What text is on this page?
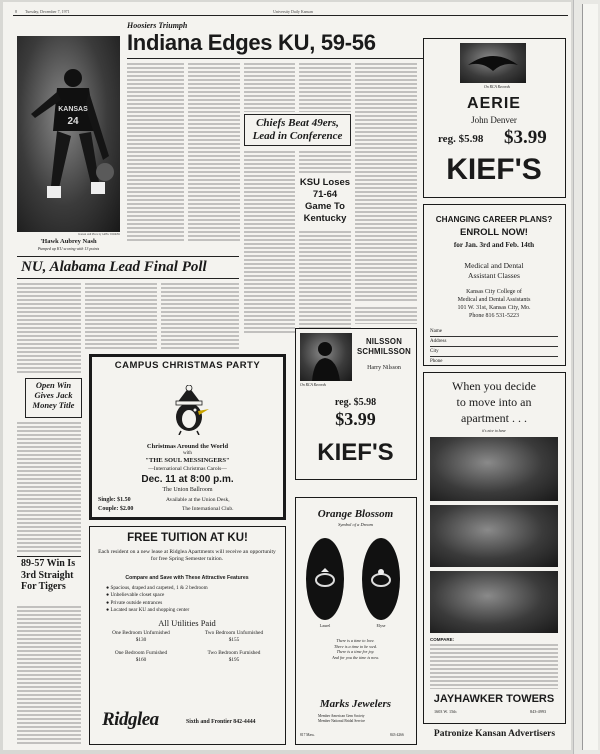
8	Tuesday, December 7, 1971	University Daily Kansan
KANSAS
24
Kansan staff Photo by GREG TORKER
'Hawk Aubrey Nash
Pumped up KU scoring with 13 points
Hoosiers Triumph
Indiana Edges KU, 59-56
Chiefs Beat 49ers, Lead in Conference
KSU Loses 71-64 Game To Kentucky
NU, Alabama Lead Final Poll
Open Win Gives Jack Money Title
89-57 Win Is 3rd Straight For Tigers
CAMPUS CHRISTMAS PARTY
Christmas Around the World
with
"THE SOUL MESSINGERS"
—International Christmas Carols—
Dec. 11 at 8:00 p.m.
The Union Ballroom
Single: $1.50
Couple: $2.00
Available at the Union Desk,
The International Club.
FREE TUITION AT KU!
Each resident on a new lease at Ridglea Apartments will receive an opportunity for free Spring Semester tuition.
Compare and Save with These Attractive Features
● Spacious, draped and carpeted, 1 & 2 bedroom
● Unbelievable closet space
● Private outside entrances
● Located near KU and shopping center
All Utilities Paid
One Bedroom Unfurnished
$130
Two Bedroom Unfurnished
$155
One Bedroom Furnished
$160
Two Bedroom Furnished
$195
Ridglea	Sixth and Frontier 842-4444
On RCA Records
NILSSON SCHMILSSON
Harry Nilsson
reg. $5.98
$3.99
KIEF'S
Orange Blossom
Symbol of a Dream
Laurel	Elyse
There is a time to love.
There is a time to be wed.
There is a time for joy.
And for you the time is now.
Marks Jewelers
Member American Gem Society
Member National Bridal Service
817 Mass.	843-4266
On RCA Records
AERIE
John Denver
reg. $5.98 $3.99
KIEF'S
CHANGING CAREER PLANS?
ENROLL NOW!
for Jan. 3rd and Feb. 14th
Medical and Dental
Assistant Classes
Kansas City College of
Medical and Dental Assistants
101 W. 31st, Kansas City, Mo.
Phone 816 531-5223
Name
Address
City
Phone
When you decide
to move into an
apartment . . .
it's nice to have
COMPARE:
JAYHAWKER TOWERS
1603 W. 15th	843-4993
Patronize Kansan Advertisers
